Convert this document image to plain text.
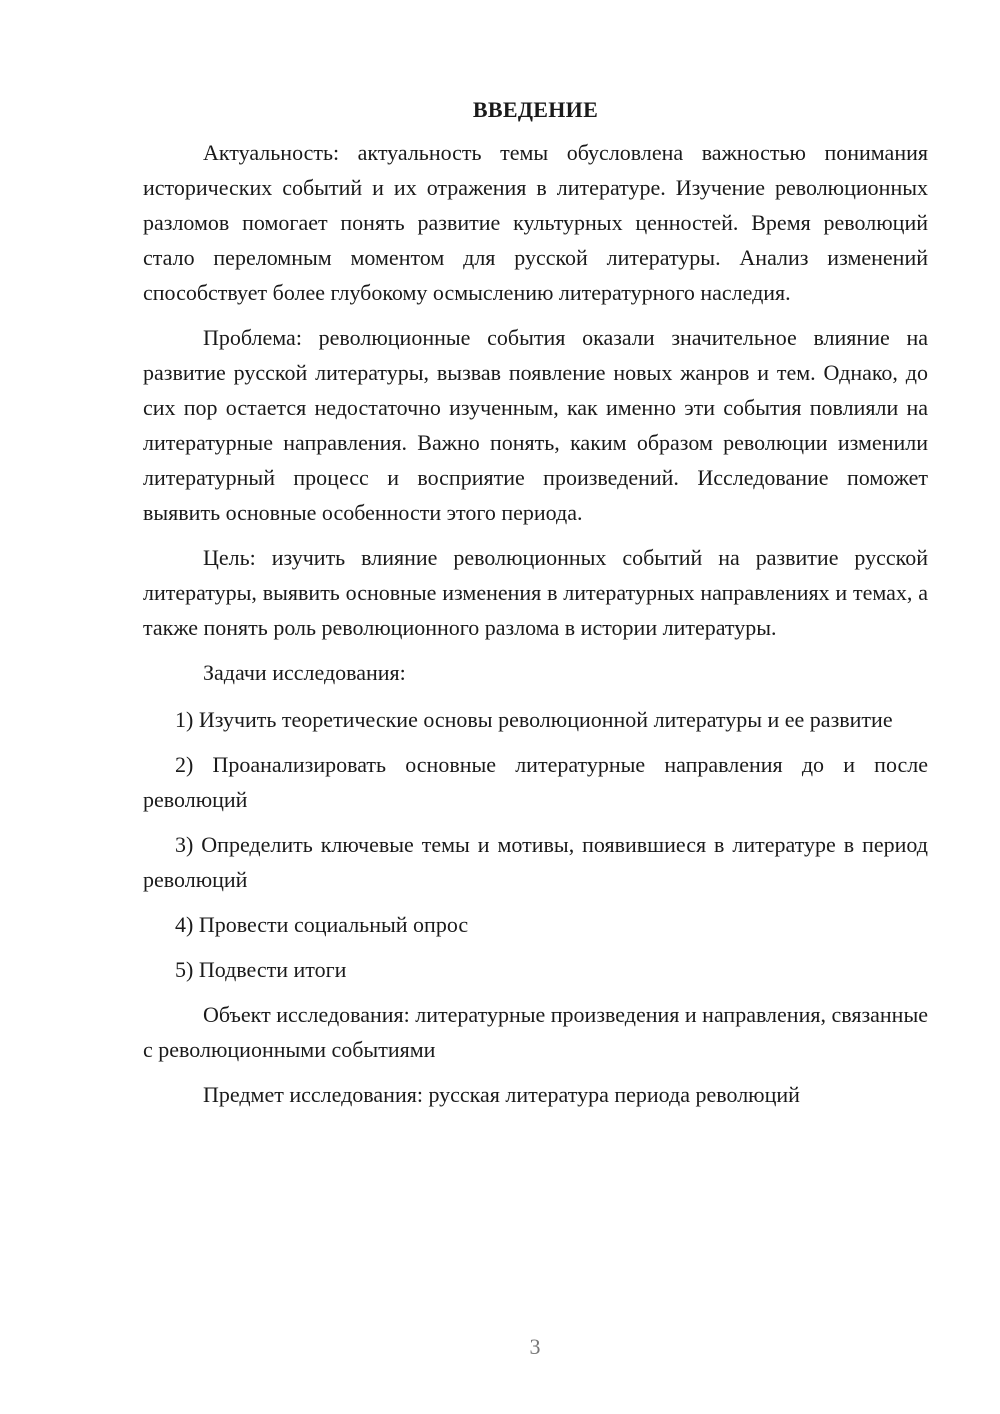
ВВЕДЕНИЕ

Актуальность: актуальность темы обусловлена важностью понимания исторических событий и их отражения в литературе. Изучение революционных разломов помогает понять развитие культурных ценностей. Время революций стало переломным моментом для русской литературы. Анализ изменений способствует более глубокому осмыслению литературного наследия.

Проблема: революционные события оказали значительное влияние на развитие русской литературы, вызвав появление новых жанров и тем. Однако, до сих пор остается недостаточно изученным, как именно эти события повлияли на литературные направления. Важно понять, каким образом революции изменили литературный процесс и восприятие произведений. Исследование поможет выявить основные особенности этого периода.

Цель: изучить влияние революционных событий на развитие русской литературы, выявить основные изменения в литературных направлениях и темах, а также понять роль революционного разлома в истории литературы.

Задачи исследования:

1) Изучить теоретические основы революционной литературы и ее развитие

2) Проанализировать основные литературные направления до и после революций

3) Определить ключевые темы и мотивы, появившиеся в литературе в период революций

4) Провести социальный опрос

5) Подвести итоги

Объект исследования: литературные произведения и направления, связанные с революционными событиями

Предмет исследования: русская литература периода революций

3
